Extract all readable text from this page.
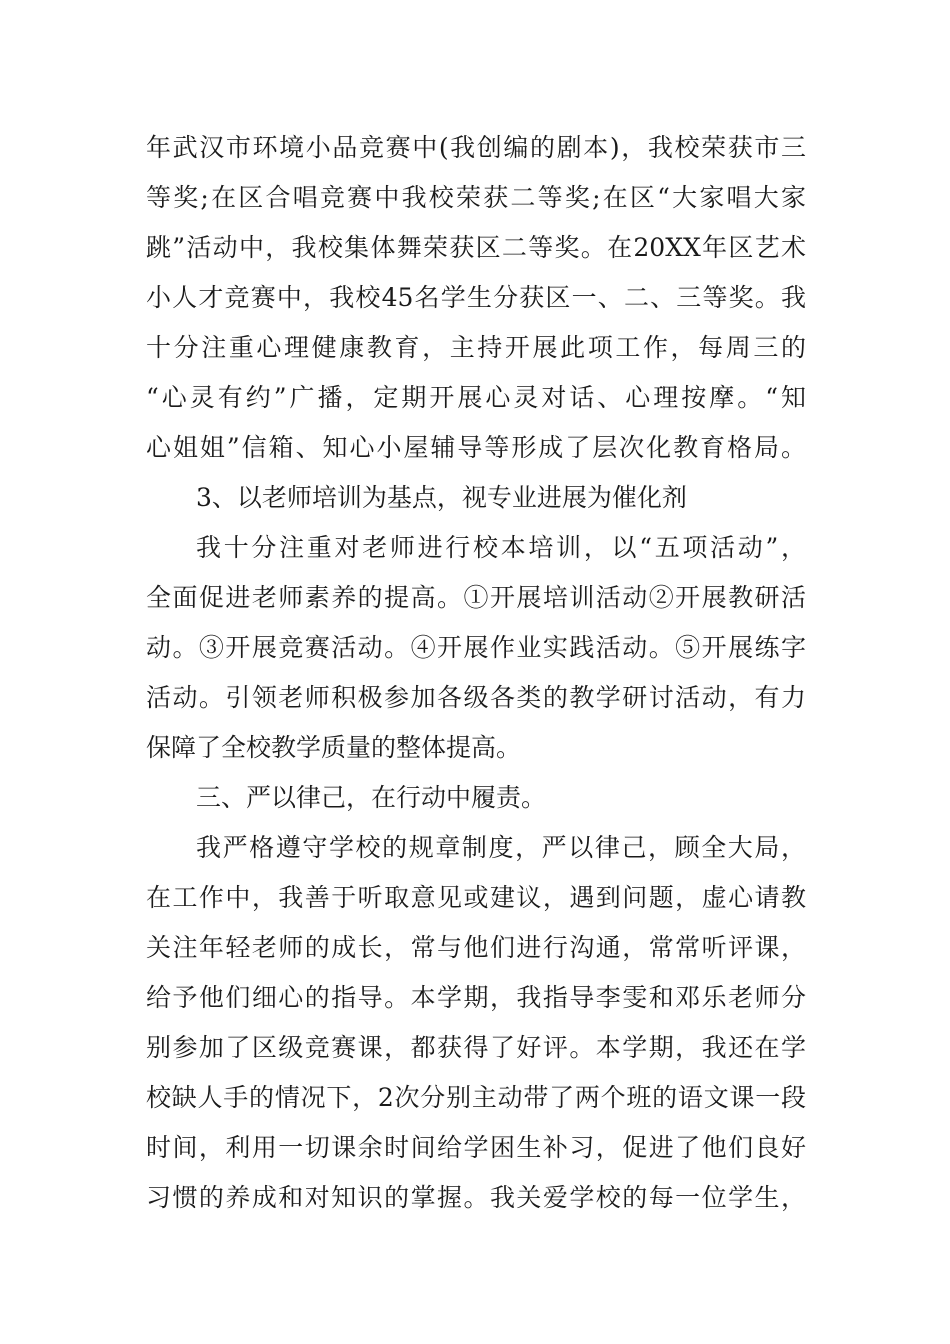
年武汉市环境小品竞赛中(我创编的剧本)，我校荣获市三
等奖;在区合唱竞赛中我校荣获二等奖;在区“大家唱大家
跳”活动中，我校集体舞荣获区二等奖。在20XX年区艺术
小人才竞赛中，我校45名学生分获区一、二、三等奖。我
十分注重心理健康教育，主持开展此项工作，每周三的
“心灵有约”广播，定期开展心灵对话、心理按摩。“知
心姐姐”信箱、知心小屋辅导等形成了层次化教育格局。
3、以老师培训为基点，视专业进展为催化剂
我十分注重对老师进行校本培训，以“五项活动”，
全面促进老师素养的提高。①开展培训活动②开展教研活
动。③开展竞赛活动。④开展作业实践活动。⑤开展练字
活动。引领老师积极参加各级各类的教学研讨活动，有力
保障了全校教学质量的整体提高。
三、严以律己，在行动中履责。
我严格遵守学校的规章制度，严以律己，顾全大局，
在工作中，我善于听取意见或建议，遇到问题，虚心请教
关注年轻老师的成长，常与他们进行沟通，常常听评课，
给予他们细心的指导。本学期，我指导李雯和邓乐老师分
别参加了区级竞赛课，都获得了好评。本学期，我还在学
校缺人手的情况下，2次分别主动带了两个班的语文课一段
时间，利用一切课余时间给学困生补习，促进了他们良好
习惯的养成和对知识的掌握。我关爱学校的每一位学生，
